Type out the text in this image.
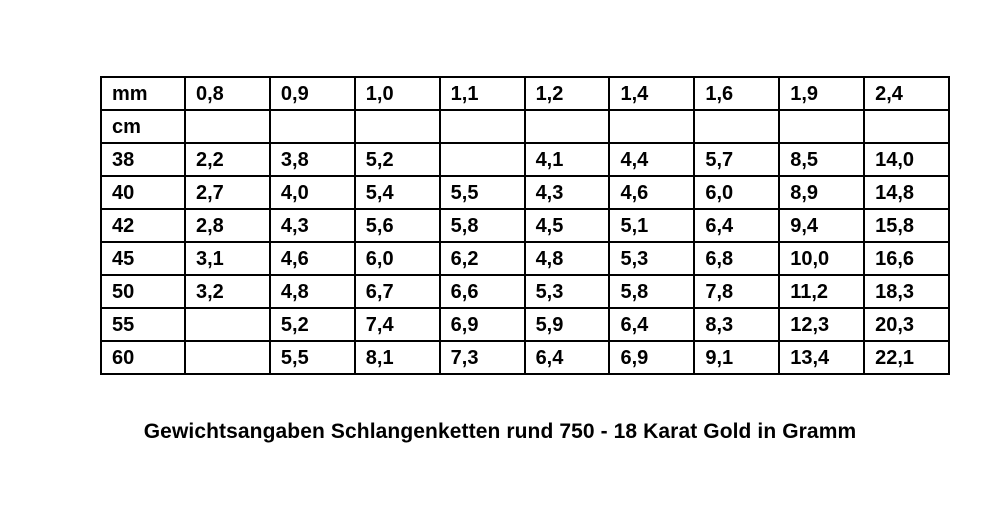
mm	0,8	0,9	1,0	1,1	1,2	1,4	1,6	1,9	2,4
cm									
38	2,2	3,8	5,2		4,1	4,4	5,7	8,5	14,0
40	2,7	4,0	5,4	5,5	4,3	4,6	6,0	8,9	14,8
42	2,8	4,3	5,6	5,8	4,5	5,1	6,4	9,4	15,8
45	3,1	4,6	6,0	6,2	4,8	5,3	6,8	10,0	16,6
50	3,2	4,8	6,7	6,6	5,3	5,8	7,8	11,2	18,3
55		5,2	7,4	6,9	5,9	6,4	8,3	12,3	20,3
60		5,5	8,1	7,3	6,4	6,9	9,1	13,4	22,1
Gewichtsangaben Schlangenketten rund 750 - 18 Karat Gold in Gramm
